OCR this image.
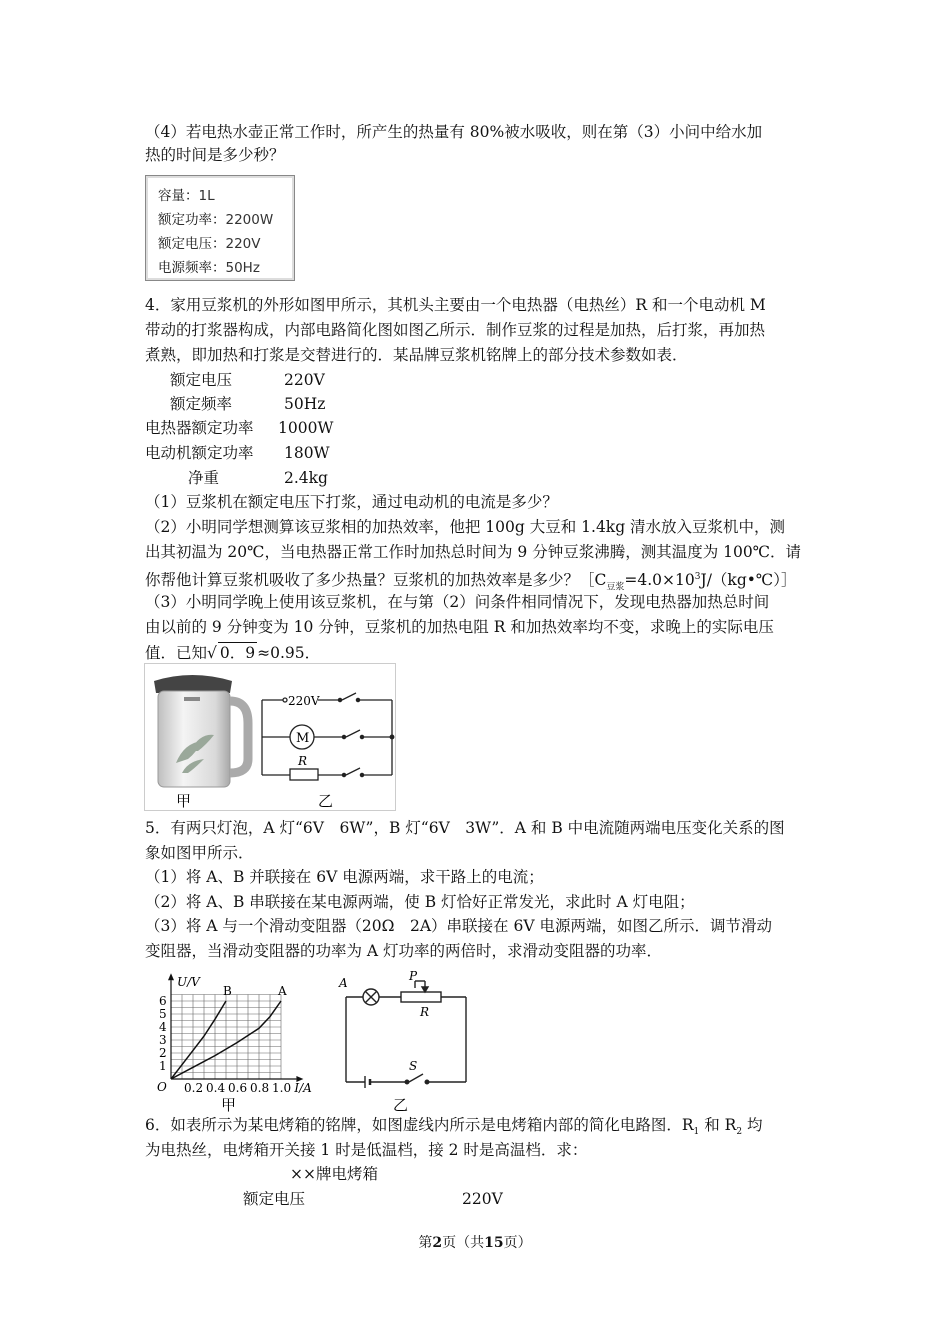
（4）若电热水壶正常工作时，所产生的热量有 80%被水吸收，则在第（3）小问中给水加
热的时间是多少秒？
容量：1L
额定功率：2200W
额定电压：220V
电源频率：50Hz
4．家用豆浆机的外形如图甲所示，其机头主要由一个电热器（电热丝）R 和一个电动机 M
带动的打浆器构成，内部电路简化图如图乙所示．制作豆浆的过程是加热，后打浆，再加热
煮熟，即加热和打浆是交替进行的．某品牌豆浆机铭牌上的部分技术参数如表．
额定电压	220V
额定频率	50Hz
电热器额定功率 1000W
电动机额定功率 180W
净重	2.4kg
（1）豆浆机在额定电压下打浆，通过电动机的电流是多少？
（2）小明同学想测算该豆浆相的加热效率，他把 100g 大豆和 1.4kg 清水放入豆浆机中，测
出其初温为 20℃，当电热器正常工作时加热总时间为 9 分钟豆浆沸腾，测其温度为 100℃．请
你帮他计算豆浆机吸收了多少热量？豆浆机的加热效率是多少？$[C_{豆浆}=4.0\times 10^3J/(kg•℃)]$
（3）小明同学晚上使用该豆浆机，在与第（2）问条件相同情况下，发现电热器加热总时间
由以前的 9 分钟变为 10 分钟，豆浆机的加热电阻 R 和加热效率均不变，求晚上的实际电压
值．已知√ 0．9 ≈0.95．
甲
220V
M
R
乙
5．有两只灯泡，A 灯“6V　6W”，B 灯“6V　3W”．A 和 B 中电流随两端电压变化关系的图
象如图甲所示．
（1）将 A、B 并联接在 6V 电源两端，求干路上的电流；
（2）将 A、B 串联接在某电源两端，使 B 灯恰好正常发光，求此时 A 灯电阻；
（3）将 A 与一个滑动变阻器（20Ω　2A）串联接在 6V 电源两端，如图乙所示．调节滑动
变阻器，当滑动变阻器的功率为 A 灯功率的两倍时，求滑动变阻器的功率．
0.2 0.4 0.6 0.8 1.0
1
2
3
4
5
6
O	I/A
U/V
B	A
甲
A	P
R
S
乙
6．如表所示为某电烤箱的铭牌，如图虚线内所示是电烤箱内部的简化电路图．$R_1$ 和 $R_2$ 均
为电热丝，电烤箱开关接 1 时是低温档，接 2 时是高温档．求：
××牌电烤箱
额定电压	220V
第2页（共15页）
